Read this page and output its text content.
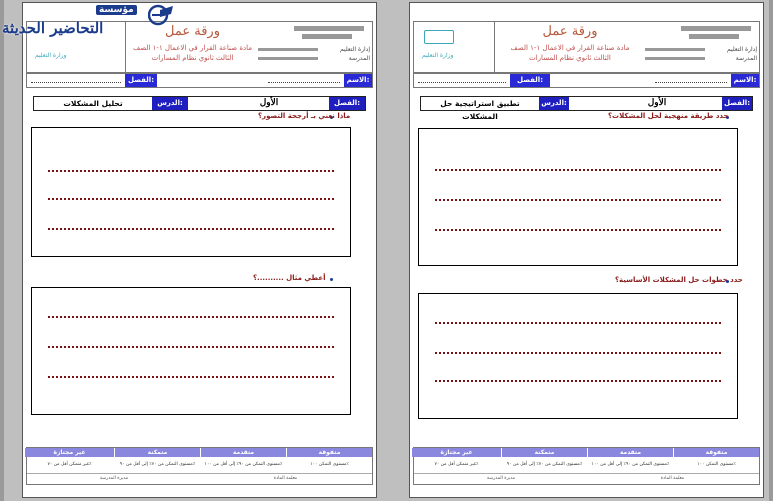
إدارة التعليم
المدرسة
ورقة عمل
مادة صناعة القرار في الاعمال ١-١ الصف
الثالث ثانوي نظام المسارات
وزارة التعليم
الاسم:
الفصل:
الفصل:
الأول
الدرس:
تحليل المشكلات
ماذا نعني بـ أرجحة التصور؟
أعطي مثال ..........؟
متفوقة
متقدمة
متمكنة
غير مجتازة
مستوى التمكن ١٠٠٪
مستوى التمكن من ٩٠٪ إلى أقل من ١٠٠٪
مستوى التمكن من ٧٠٪ إلى أقل من ٩٠٪
غير متمكن أقل من ٧٠٪
معلمة المادة
مديرة المدرسة
إدارة التعليم
المدرسة
ورقة عمل
مادة صناعة القرار في الاعمال ١-١ الصف
الثالث ثانوي نظام المسارات
وزارة التعليم
الاسم:
الفصل:
الفصل:
الأول
الدرس:
تطبيق استراتيجية حل المشكلات	حدد طريقة منهجية لحل المشكلات؟
حدد خطوات حل المشكلات الأساسية؟
متفوقة
متقدمة
متمكنة
غير مجتازة
مستوى التمكن ١٠٠٪
مستوى التمكن من ٩٠٪ إلى أقل من ١٠٠٪
مستوى التمكن من ٧٠٪ إلى أقل من ٩٠٪
غير متمكن أقل من ٧٠٪
معلمة المادة
مديرة المدرسة
مؤسسة
التحاضير الحديثة
